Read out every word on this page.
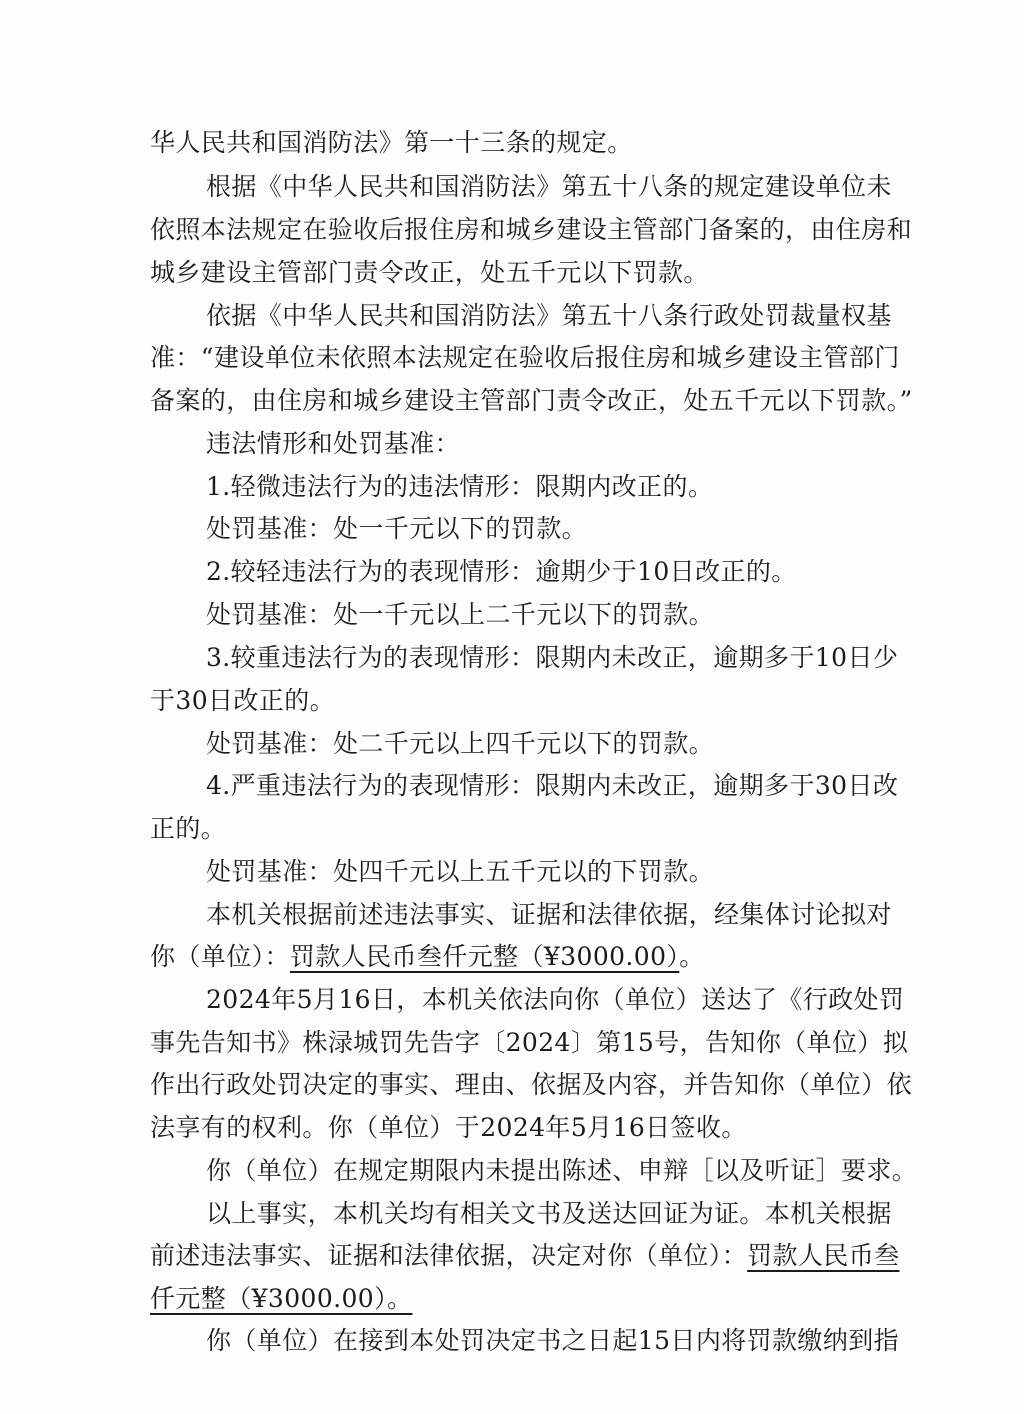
华人民共和国消防法》第一十三条的规定。
根据《中华人民共和国消防法》第五十八条的规定建设单位未
依照本法规定在验收后报住房和城乡建设主管部门备案的，由住房和
城乡建设主管部门责令改正，处五千元以下罚款。
依据《中华人民共和国消防法》第五十八条行政处罚裁量权基
准：“建设单位未依照本法规定在验收后报住房和城乡建设主管部门
备案的，由住房和城乡建设主管部门责令改正，处五千元以下罚款。”
违法情形和处罚基准：
1.轻微违法行为的违法情形：限期内改正的。
处罚基准：处一千元以下的罚款。
2.较轻违法行为的表现情形：逾期少于10日改正的。
处罚基准：处一千元以上二千元以下的罚款。
3.较重违法行为的表现情形：限期内未改正，逾期多于10日少
于30日改正的。
处罚基准：处二千元以上四千元以下的罚款。
4.严重违法行为的表现情形：限期内未改正，逾期多于30日改
正的。
处罚基准：处四千元以上五千元以的下罚款。
本机关根据前述违法事实、证据和法律依据，经集体讨论拟对
你（单位）：罚款人民币叁仟元整（¥3000.00）。
2024年5月16日，本机关依法向你（单位）送达了《行政处罚
事先告知书》株渌城罚先告字〔2024〕第15号，告知你（单位）拟
作出行政处罚决定的事实、理由、依据及内容，并告知你（单位）依
法享有的权利。你（单位）于2024年5月16日签收。
你（单位）在规定期限内未提出陈述、申辩［以及听证］要求。
以上事实，本机关均有相关文书及送达回证为证。本机关根据
前述违法事实、证据和法律依据，决定对你（单位）：罚款人民币叁
仟元整（¥3000.00）。
你（单位）在接到本处罚决定书之日起15日内将罚款缴纳到指
